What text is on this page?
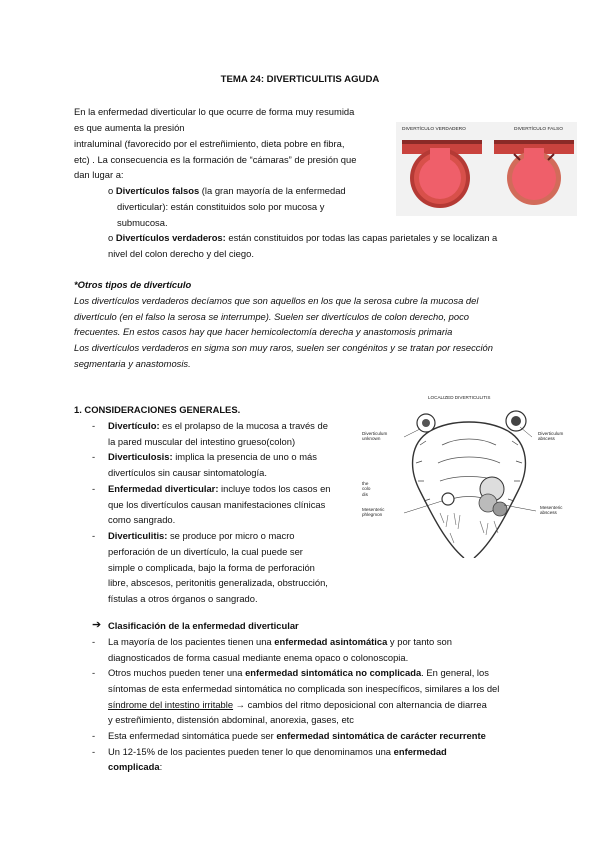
TEMA 24: DIVERTICULITIS AGUDA
En la enfermedad diverticular lo que ocurre de forma muy resumida
es que aumenta la presión
intraluminal (favorecido por el estreñimiento, dieta pobre en fibra,
etc) . La consecuencia es la formación de “cámaras” de presión que
dan lugar a:
o Divertículos falsos (la gran mayoría de la enfermedad
diverticular): están constituidos solo por mucosa y
submucosa.
o Divertículos verdaderos: están constituidos por todas las capas parietales y se localizan a
nivel del colon derecho y del ciego.
DIVERTÍCULO VERDADERO	DIVERTÍCULO FALSO
*Otros tipos de divertículo
Los divertículos verdaderos decíamos que son aquellos en los que la serosa cubre la mucosa del
divertículo (en el falso la serosa se interrumpe). Suelen ser divertículos de colon derecho, poco
frecuentes. En estos casos hay que hacer hemicolectomía derecha y anastomosis primaria
Los divertículos verdaderos en sigma son muy raros, suelen ser congénitos y se tratan por resección
segmentaria y anastomosis.
1. CONSIDERACIONES GENERALES.
- Divertículo: es el prolapso de la mucosa a través de
la pared muscular del intestino grueso(colon)
- Diverticulosis: implica la presencia de uno o más
divertículos sin causar sintomatología.
- Enfermedad diverticular: incluye todos los casos en
que los divertículos causan manifestaciones clínicas
como sangrado.
- Diverticulitis: se produce por micro o macro
perforación de un divertículo, la cual puede ser
simple o complicada, bajo la forma de perforación
libre, abscesos, peritonitis generalizada, obstrucción,
fístulas a otros órganos o sangrado.
LOCALIZED DIVERTICULITIS
Diverticulum
unknown
Diverticulum
abscess
the
colo
dis
Mesenteric
phlegmon
Mesenteric
abscess
➔ Clasificación de la enfermedad diverticular
- La mayoría de los pacientes tienen una enfermedad asintomática y por tanto son
diagnosticados de forma casual mediante enema opaco o colonoscopia.
- Otros muchos pueden tener una enfermedad sintomática no complicada. En general, los
síntomas de esta enfermedad sintomática no complicada son inespecíficos, similares a los del
síndrome del intestino irritable → cambios del ritmo deposicional con alternancia de diarrea
y estreñimiento, distensión abdominal, anorexia, gases, etc
- Esta enfermedad sintomática puede ser enfermedad sintomática de carácter recurrente
- Un 12-15% de los pacientes pueden tener lo que denominamos una enfermedad
complicada:
